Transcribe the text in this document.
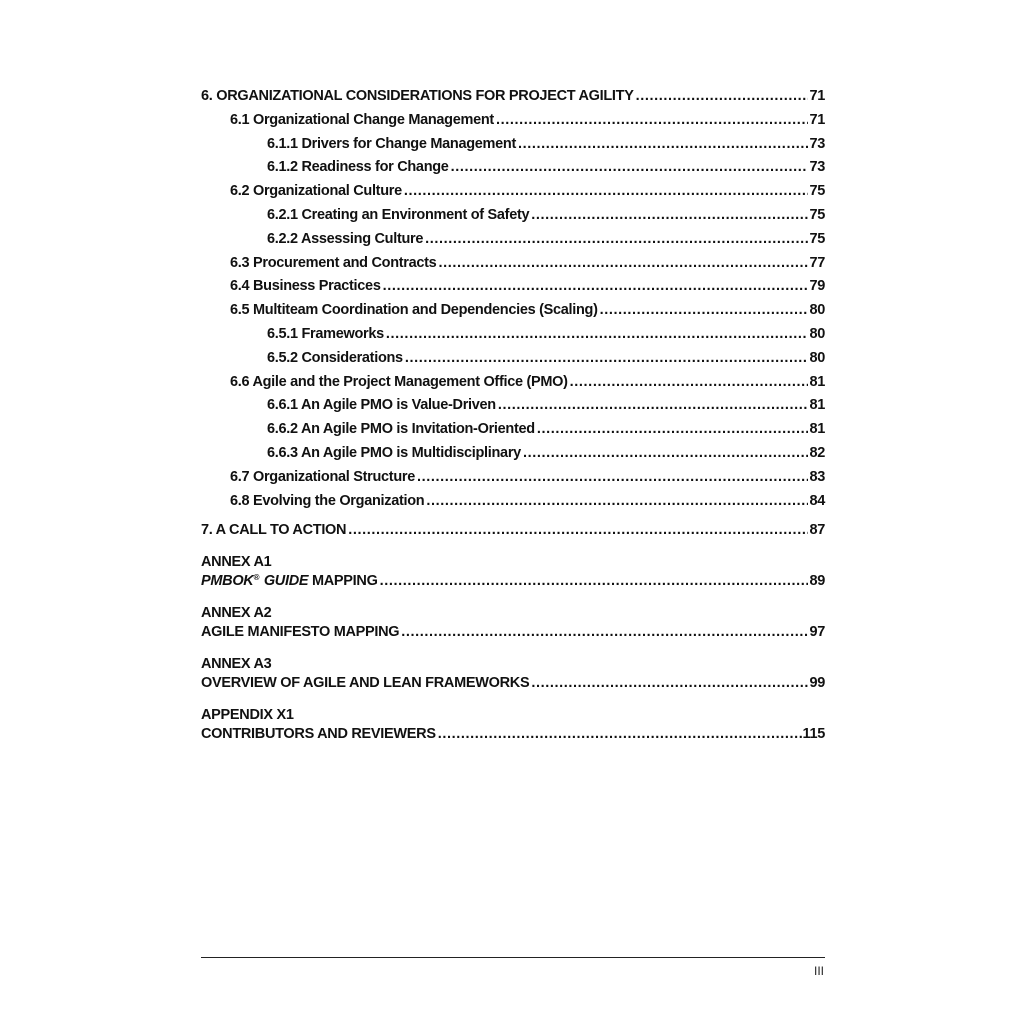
6. ORGANIZATIONAL CONSIDERATIONS FOR PROJECT AGILITY .....	71
6.1 Organizational Change Management .....	71
6.1.1 Drivers for Change Management .....	73
6.1.2 Readiness for Change .....	73
6.2 Organizational Culture .....	75
6.2.1 Creating an Environment of Safety .....	75
6.2.2 Assessing Culture .....	75
6.3 Procurement and Contracts .....	77
6.4 Business Practices .....	79
6.5 Multiteam Coordination and Dependencies (Scaling) .....	80
6.5.1 Frameworks .....	80
6.5.2 Considerations .....	80
6.6 Agile and the Project Management Office (PMO) .....	81
6.6.1 An Agile PMO is Value-Driven .....	81
6.6.2 An Agile PMO is Invitation-Oriented .....	81
6.6.3 An Agile PMO is Multidisciplinary .....	82
6.7 Organizational Structure .....	83
6.8 Evolving the Organization .....	84
7. A CALL TO ACTION .....	87
ANNEX A1
PMBOK® GUIDE MAPPING .....	89
ANNEX A2
AGILE MANIFESTO MAPPING .....	97
ANNEX A3
OVERVIEW OF AGILE AND LEAN FRAMEWORKS .....	99
APPENDIX X1
CONTRIBUTORS AND REVIEWERS .....	115
III
